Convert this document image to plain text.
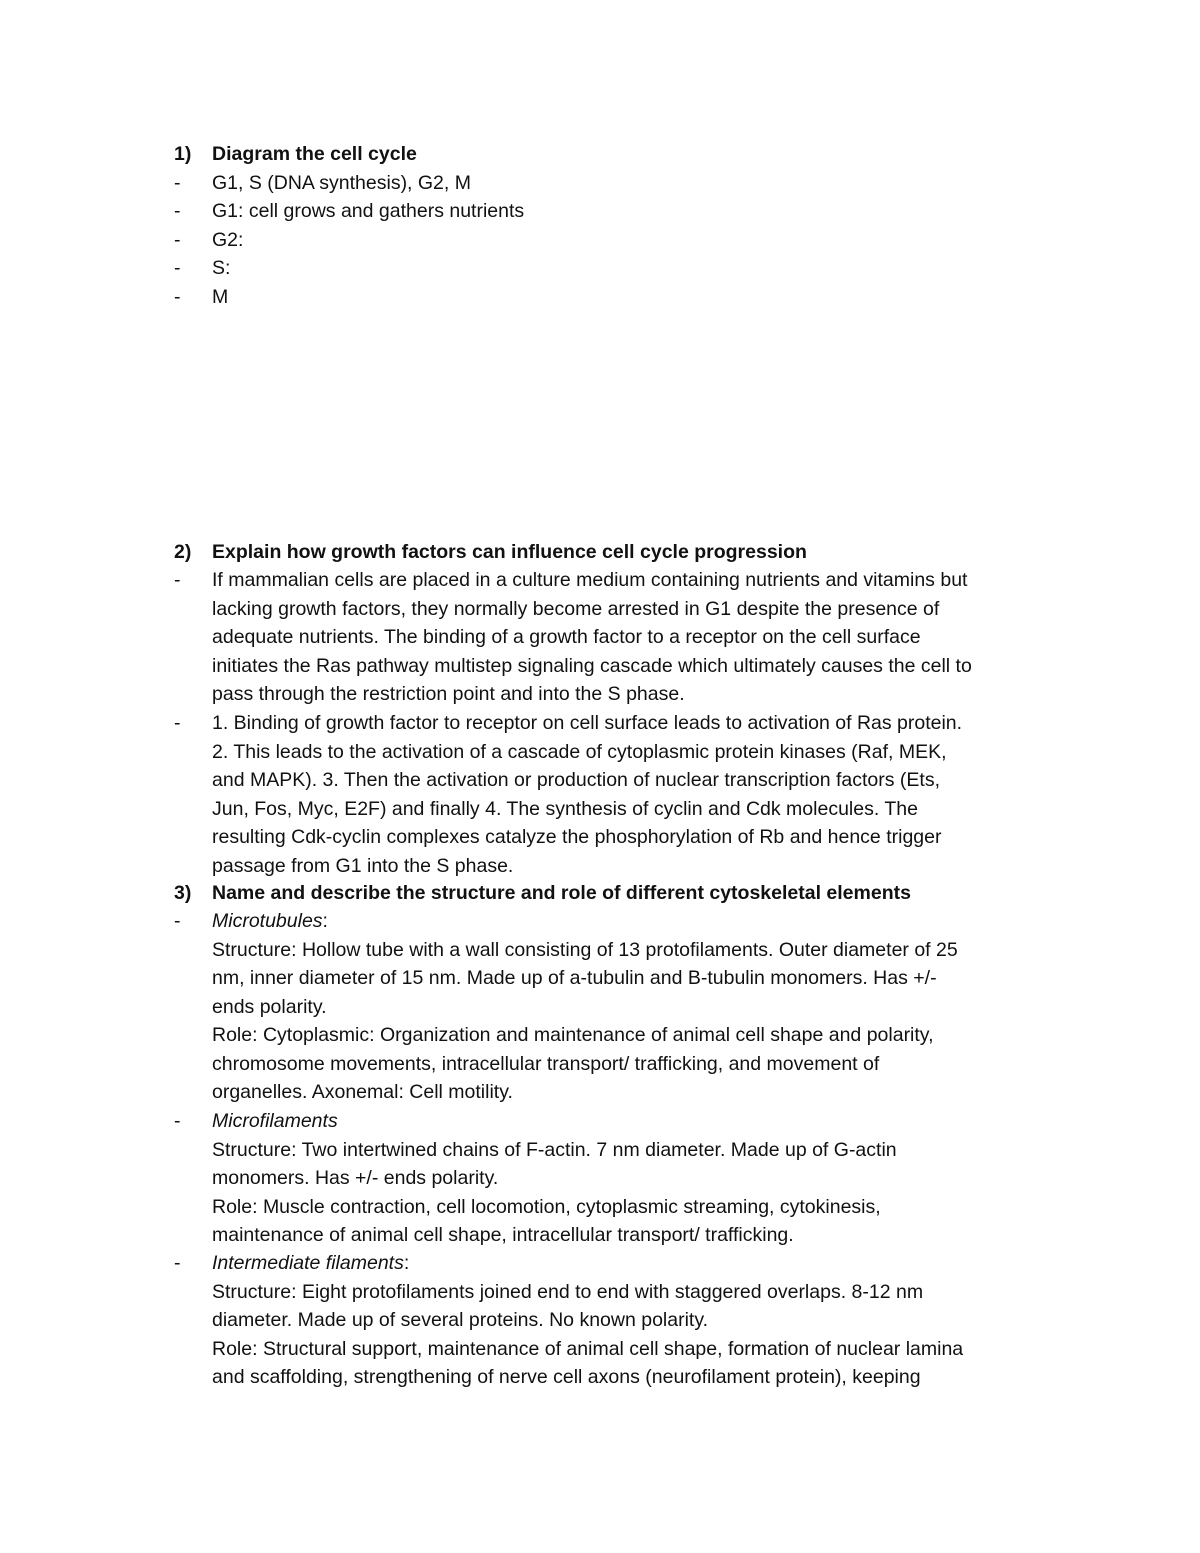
1) Diagram the cell cycle
- G1, S (DNA synthesis), G2, M
- G1: cell grows and gathers nutrients
- G2:
- S:
- M
2) Explain how growth factors can influence cell cycle progression
- If mammalian cells are placed in a culture medium containing nutrients and vitamins but
lacking growth factors, they normally become arrested in G1 despite the presence of
adequate nutrients. The binding of a growth factor to a receptor on the cell surface
initiates the Ras pathway multistep signaling cascade which ultimately causes the cell to
pass through the restriction point and into the S phase.
- 1. Binding of growth factor to receptor on cell surface leads to activation of Ras protein.
2. This leads to the activation of a cascade of cytoplasmic protein kinases (Raf, MEK,
and MAPK). 3. Then the activation or production of nuclear transcription factors (Ets,
Jun, Fos, Myc, E2F) and finally 4. The synthesis of cyclin and Cdk molecules. The
resulting Cdk-cyclin complexes catalyze the phosphorylation of Rb and hence trigger
passage from G1 into the S phase.
3) Name and describe the structure and role of different cytoskeletal elements
- Microtubules:
Structure: Hollow tube with a wall consisting of 13 protofilaments. Outer diameter of 25
nm, inner diameter of 15 nm. Made up of a-tubulin and B-tubulin monomers. Has +/-
ends polarity.
Role: Cytoplasmic: Organization and maintenance of animal cell shape and polarity,
chromosome movements, intracellular transport/ trafficking, and movement of
organelles. Axonemal: Cell motility.
- Microfilaments
Structure: Two intertwined chains of F-actin. 7 nm diameter. Made up of G-actin
monomers. Has +/- ends polarity.
Role: Muscle contraction, cell locomotion, cytoplasmic streaming, cytokinesis,
maintenance of animal cell shape, intracellular transport/ trafficking.
- Intermediate filaments:
Structure: Eight protofilaments joined end to end with staggered overlaps. 8-12 nm
diameter. Made up of several proteins. No known polarity.
Role: Structural support, maintenance of animal cell shape, formation of nuclear lamina
and scaffolding, strengthening of nerve cell axons (neurofilament protein), keeping
